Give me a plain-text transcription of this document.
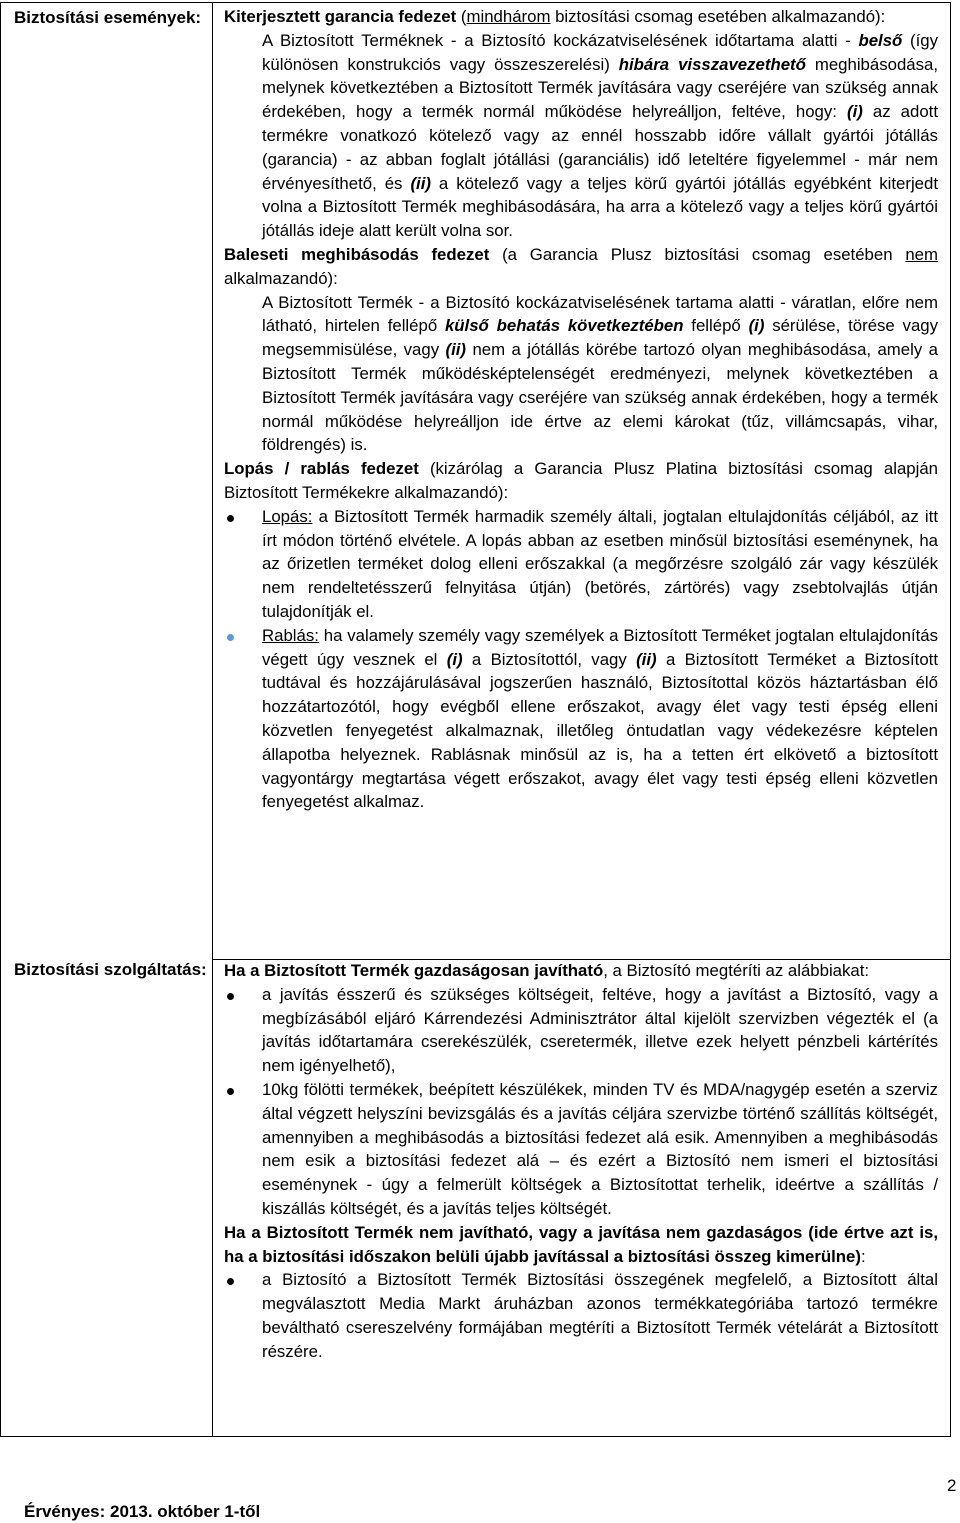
Biztosítási események:
Biztosítási szolgáltatás:

Kiterjesztett garancia fedezet (mindhárom biztosítási csomag esetében alkalmazandó):

A Biztosított Terméknek - a Biztosító kockázatviselésének időtartama alatti - belső (így különösen konstrukciós vagy összeszerelési) hibára visszavezethető meghibásodása, melynek következtében a Biztosított Termék javítására vagy cseréjére van szükség annak érdekében, hogy a termék normál működése helyreálljon, feltéve, hogy: (i) az adott termékre vonatkozó kötelező vagy az ennél hosszabb időre vállalt gyártói jótállás (garancia) - az abban foglalt jótállási (garanciális) idő leteltére figyelemmel - már nem érvényesíthető, és (ii) a kötelező vagy a teljes körű gyártói jótállás egyébként kiterjedt volna a Biztosított Termék meghibásodására, ha arra a kötelező vagy a teljes körű gyártói jótállás ideje alatt került volna sor.

Baleseti meghibásodás fedezet (a Garancia Plusz biztosítási csomag esetében nem alkalmazandó):

A Biztosított Termék - a Biztosító kockázatviselésének tartama alatti - váratlan, előre nem látható, hirtelen fellépő külső behatás következtében fellépő (i) sérülése, törése vagy megsemmisülése, vagy (ii) nem a jótállás körébe tartozó olyan meghibásodása, amely a Biztosított Termék működésképtelenségét eredményezi, melynek következtében a Biztosított Termék javítására vagy cseréjére van szükség annak érdekében, hogy a termék normál működése helyreálljon ide értve az elemi károkat (tűz, villámcsapás, vihar, földrengés) is.

Lopás / rablás fedezet (kizárólag a Garancia Plusz Platina biztosítási csomag alapján Biztosított Termékekre alkalmazandó):

Lopás: a Biztosított Termék harmadik személy általi, jogtalan eltulajdonítás céljából, az itt írt módon történő elvétele. A lopás abban az esetben minősül biztosítási eseménynek, ha az őrizetlen terméket dolog elleni erőszakkal (a megőrzésre szolgáló zár vagy készülék nem rendeltetésszerű felnyitása útján) (betörés, zártörés) vagy zsebtolvajlás útján tulajdonítják el.
Rablás: ha valamely személy vagy személyek a Biztosított Terméket jogtalan eltulajdonítás végett úgy vesznek el (i) a Biztosítottól, vagy (ii) a Biztosított Terméket a Biztosított tudtával és hozzájárulásával jogszerűen használó, Biztosítottal közös háztartásban élő hozzátartozótól, hogy evégből ellene erőszakot, avagy élet vagy testi épség elleni közvetlen fenyegetést alkalmaznak, illetőleg öntudatlan vagy védekezésre képtelen állapotba helyeznek. Rablásnak minősül az is, ha a tetten ért elkövető a biztosított vagyontárgy megtartása végett erőszakot, avagy élet vagy testi épség elleni közvetlen fenyegetést alkalmaz.

Ha a Biztosított Termék gazdaságosan javítható, a Biztosító megtéríti az alábbiakat:

a javítás ésszerű és szükséges költségeit, feltéve, hogy a javítást a Biztosító, vagy a megbízásából eljáró Kárrendezési Adminisztrátor által kijelölt szervizben végezték el (a javítás időtartamára cserekészülék, cseretermék, illetve ezek helyett pénzbeli kártérítés nem igényelhető),
10kg fölötti termékek, beépített készülékek, minden TV és MDA/nagygép esetén a szerviz által végzett helyszíni bevizsgálás és a javítás céljára szervizbe történő szállítás költségét, amennyiben a meghibásodás a biztosítási fedezet alá esik. Amennyiben a meghibásodás nem esik a biztosítási fedezet alá – és ezért a Biztosító nem ismeri el biztosítási eseménynek - úgy a felmerült költségek a Biztosítottat terhelik, ideértve a szállítás / kiszállás költségét, és a javítás teljes költségét.

Ha a Biztosított Termék nem javítható, vagy a javítása nem gazdaságos (ide értve azt is, ha a biztosítási időszakon belüli újabb javítással a biztosítási összeg kimerülne):

a Biztosító a Biztosított Termék Biztosítási összegének megfelelő, a Biztosított által megválasztott Media Markt áruházban azonos termékkategóriába tartozó termékre beváltható csereszelvény formájában megtéríti a Biztosított Termék vételárát a Biztosított részére.
2
Érvényes: 2013. október 1-től
